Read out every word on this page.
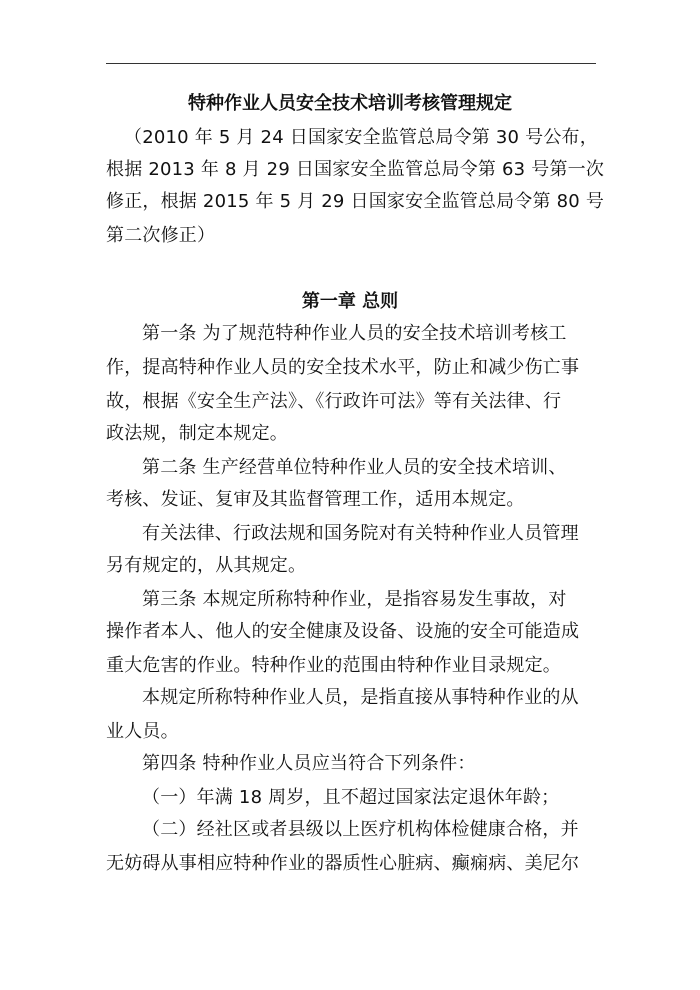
特种作业人员安全技术培训考核管理规定
（2010 年 5 月 24 日国家安全监管总局令第 30 号公布，
根据 2013 年 8 月 29 日国家安全监管总局令第 63 号第一次
修正，根据 2015 年 5 月 29 日国家安全监管总局令第 80 号
第二次修正）
第一章 总则
第一条 为了规范特种作业人员的安全技术培训考核工
作，提高特种作业人员的安全技术水平，防止和减少伤亡事
故，根据《安全生产法》、《行政许可法》等有关法律、行
政法规，制定本规定。
第二条 生产经营单位特种作业人员的安全技术培训、
考核、发证、复审及其监督管理工作，适用本规定。
有关法律、行政法规和国务院对有关特种作业人员管理
另有规定的，从其规定。
第三条 本规定所称特种作业，是指容易发生事故，对
操作者本人、他人的安全健康及设备、设施的安全可能造成
重大危害的作业。特种作业的范围由特种作业目录规定。
本规定所称特种作业人员，是指直接从事特种作业的从
业人员。
第四条 特种作业人员应当符合下列条件：
（一）年满 18 周岁，且不超过国家法定退休年龄；
（二）经社区或者县级以上医疗机构体检健康合格，并
无妨碍从事相应特种作业的器质性心脏病、癫痫病、美尼尔
